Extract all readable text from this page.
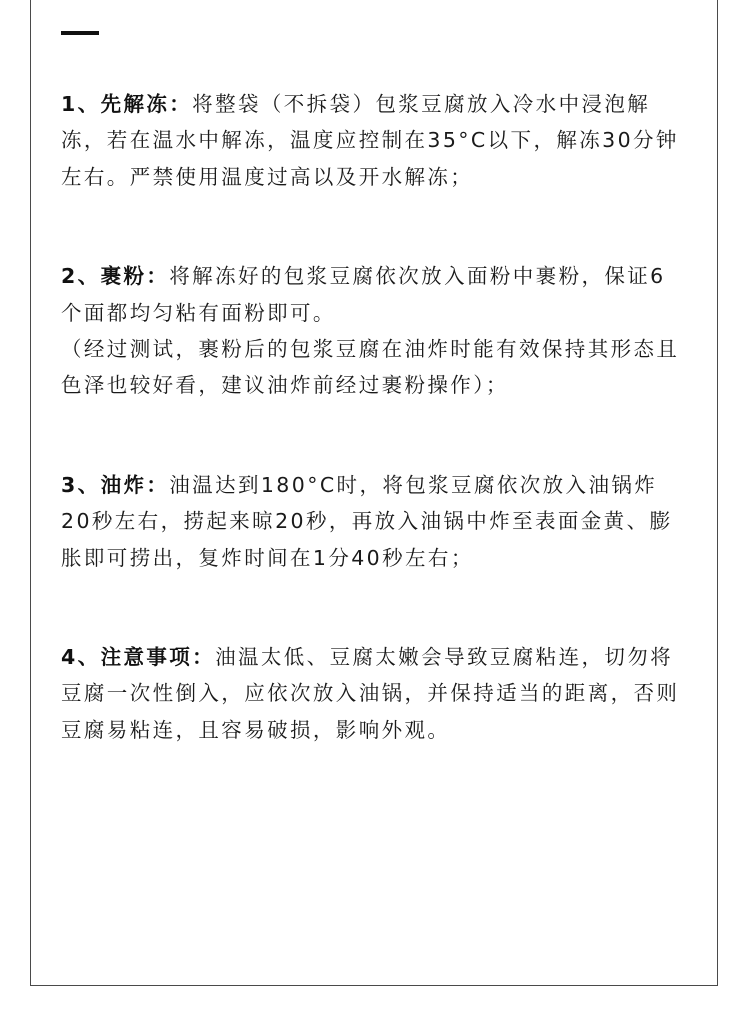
1、先解冻：将整袋（不拆袋）包浆豆腐放入冷水中浸泡解冻，若在温水中解冻，温度应控制在35°C以下，解冻30分钟左右。严禁使用温度过高以及开水解冻；

2、裹粉：将解冻好的包浆豆腐依次放入面粉中裹粉，保证6个面都均匀粘有面粉即可。
（经过测试，裹粉后的包浆豆腐在油炸时能有效保持其形态且色泽也较好看，建议油炸前经过裹粉操作）；

3、油炸：油温达到180°C时，将包浆豆腐依次放入油锅炸20秒左右，捞起来晾20秒，再放入油锅中炸至表面金黄、膨胀即可捞出，复炸时间在1分40秒左右；

4、注意事项：油温太低、豆腐太嫩会导致豆腐粘连，切勿将豆腐一次性倒入，应依次放入油锅，并保持适当的距离，否则豆腐易粘连，且容易破损，影响外观。
